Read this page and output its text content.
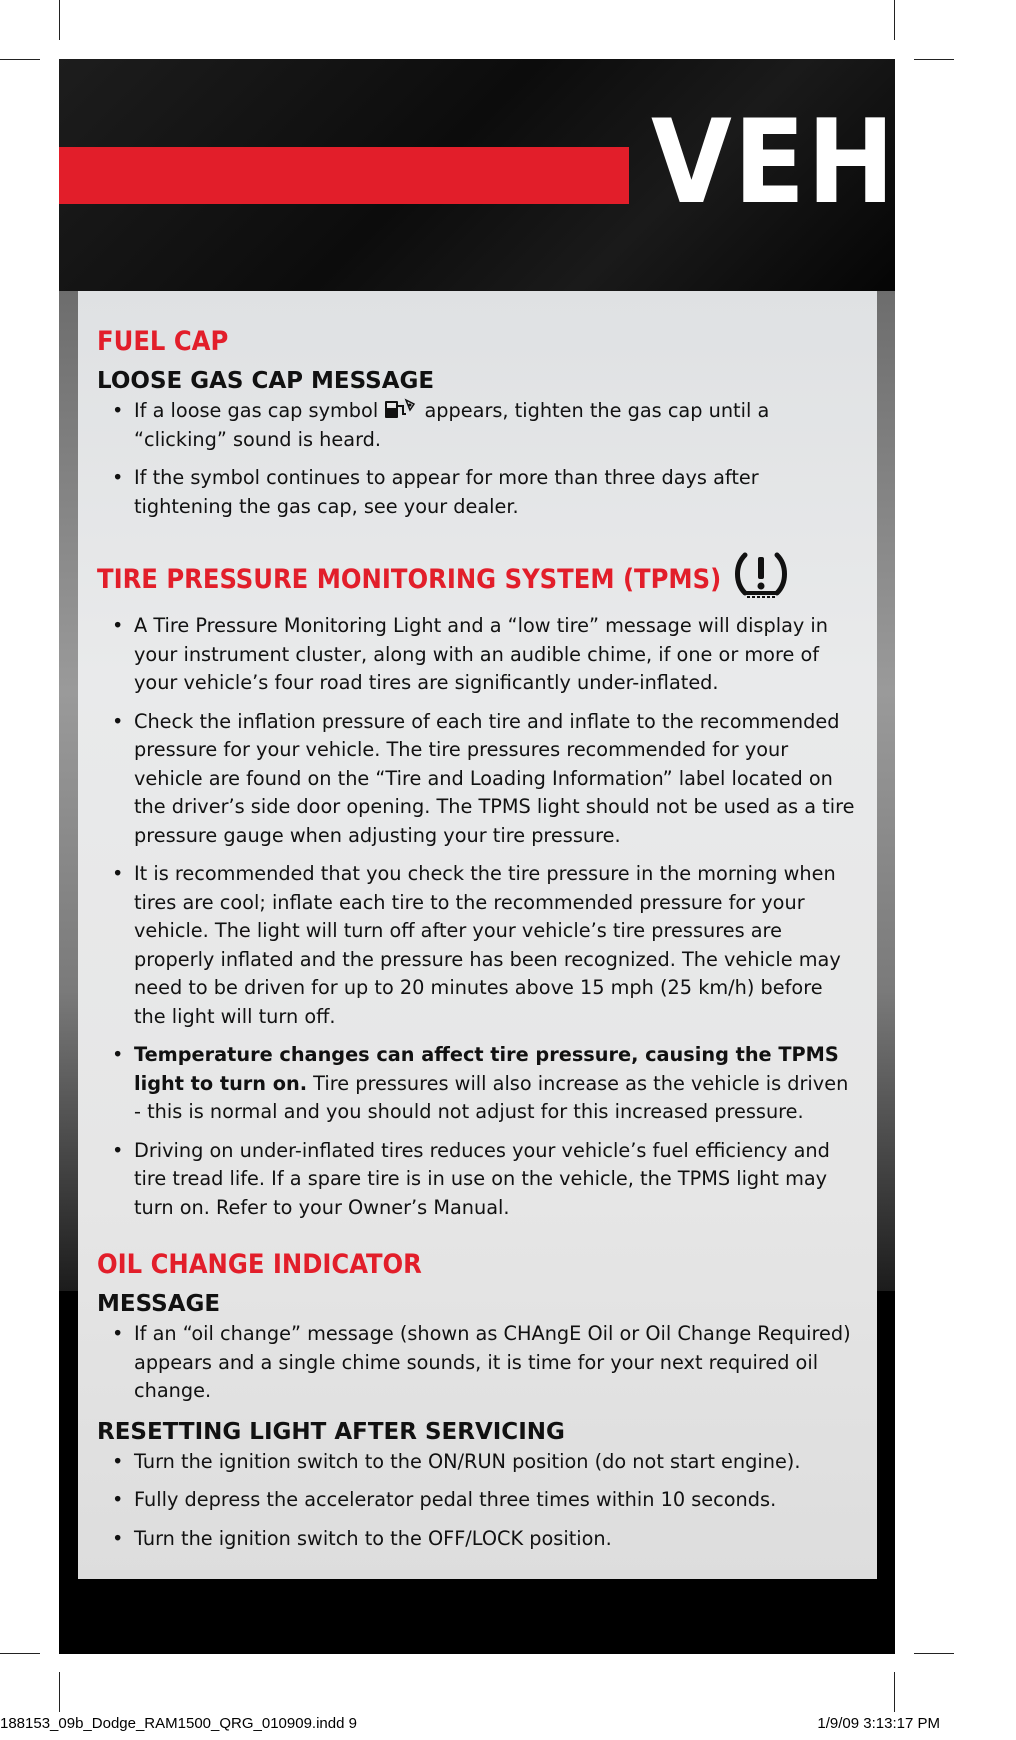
VEHIC
FUEL CAP
LOOSE GAS CAP MESSAGE
• If a loose gas cap symbol appears, tighten the gas cap until a “clicking” sound is heard.
• If the symbol continues to appear for more than three days after tightening the gas cap, see your dealer.
TIRE PRESSURE MONITORING SYSTEM (TPMS)
• A Tire Pressure Monitoring Light and a “low tire” message will display in your instrument cluster, along with an audible chime, if one or more of your vehicle’s four road tires are significantly under-inflated.
• Check the inflation pressure of each tire and inflate to the recommended pressure for your vehicle. The tire pressures recommended for your vehicle are found on the “Tire and Loading Information” label located on the driver’s side door opening. The TPMS light should not be used as a tire pressure gauge when adjusting your tire pressure.
• It is recommended that you check the tire pressure in the morning when tires are cool; inflate each tire to the recommended pressure for your vehicle. The light will turn off after your vehicle’s tire pressures are properly inflated and the pressure has been recognized. The vehicle may need to be driven for up to 20 minutes above 15 mph (25 km/h) before the light will turn off.
• Temperature changes can affect tire pressure, causing the TPMS light to turn on. Tire pressures will also increase as the vehicle is driven - this is normal and you should not adjust for this increased pressure.
• Driving on under-inflated tires reduces your vehicle’s fuel efficiency and tire tread life. If a spare tire is in use on the vehicle, the TPMS light may turn on. Refer to your Owner’s Manual.
OIL CHANGE INDICATOR
MESSAGE
• If an “oil change” message (shown as CHAngE Oil or Oil Change Required) appears and a single chime sounds, it is time for your next required oil change.
RESETTING LIGHT AFTER SERVICING
• Turn the ignition switch to the ON/RUN position (do not start engine).
• Fully depress the accelerator pedal three times within 10 seconds.
• Turn the ignition switch to the OFF/LOCK position.
188153_09b_Dodge_RAM1500_QRG_010909.indd 9	1/9/09 3:13:17 PM
